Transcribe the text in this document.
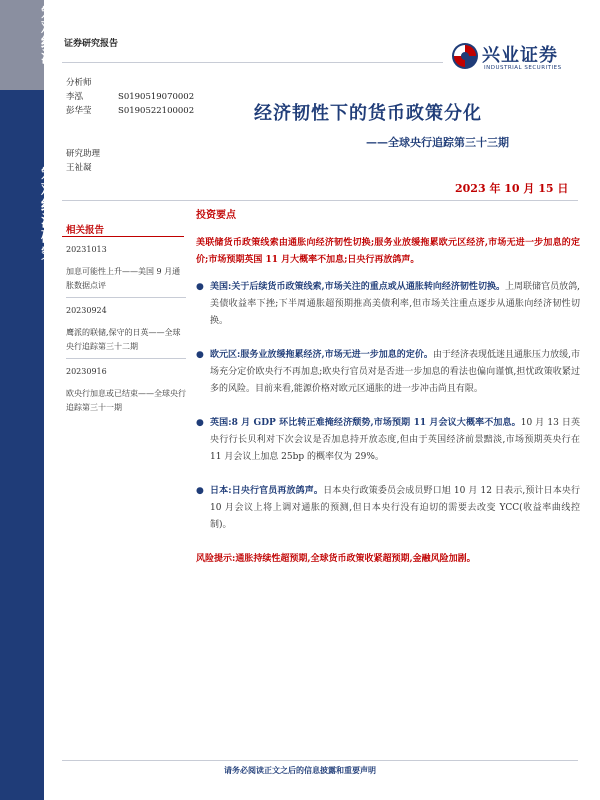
宏观经济
宏观经济研究
证券研究报告
兴业证券
INDUSTRIAL SECURITIES
分析师
李泓	S0190519070002
彭华莹	S0190522100002
研究助理
王祉凝
经济韧性下的货币政策分化
——全球央行追踪第三十三期
2023 年 10 月 15 日
相关报告
20231013
加息可能性上升——美国 9 月通胀数据点评
20230924
鹰派的联储,保守的日英——全球央行追踪第三十二期
20230916
欧央行加息或已结束——全球央行追踪第三十一期
投资要点
美联储货币政策线索由通胀向经济韧性切换;服务业放缓拖累欧元区经济,市场无进一步加息的定价;市场预期英国 11 月大概率不加息;日央行再放鸽声。
● 美国:关于后续货币政策线索,市场关注的重点或从通胀转向经济韧性切换。上周联储官员放鸽,美债收益率下挫;下半周通胀超预期推高美债利率,但市场关注重点逐步从通胀向经济韧性切换。
● 欧元区:服务业放缓拖累经济,市场无进一步加息的定价。由于经济表现低迷且通胀压力放缓,市场充分定价欧央行不再加息;欧央行官员对是否进一步加息的看法也偏向谨慎,担忧政策收紧过多的风险。目前来看,能源价格对欧元区通胀的进一步冲击尚且有限。
● 英国:8 月 GDP 环比转正难掩经济颓势,市场预期 11 月会议大概率不加息。10 月 13 日英央行行长贝利对下次会议是否加息持开放态度,但由于英国经济前景黯淡,市场预期英央行在 11 月会议上加息 25bp 的概率仅为 29%。
● 日本:日央行官员再放鸽声。日本央行政策委员会成员野口旭 10 月 12 日表示,预计日本央行 10 月会议上将上调对通胀的预测,但日本央行没有迫切的需要去改变 YCC(收益率曲线控制)。
风险提示:通胀持续性超预期,全球货币政策收紧超预期,金融风险加剧。
请务必阅读正文之后的信息披露和重要声明
